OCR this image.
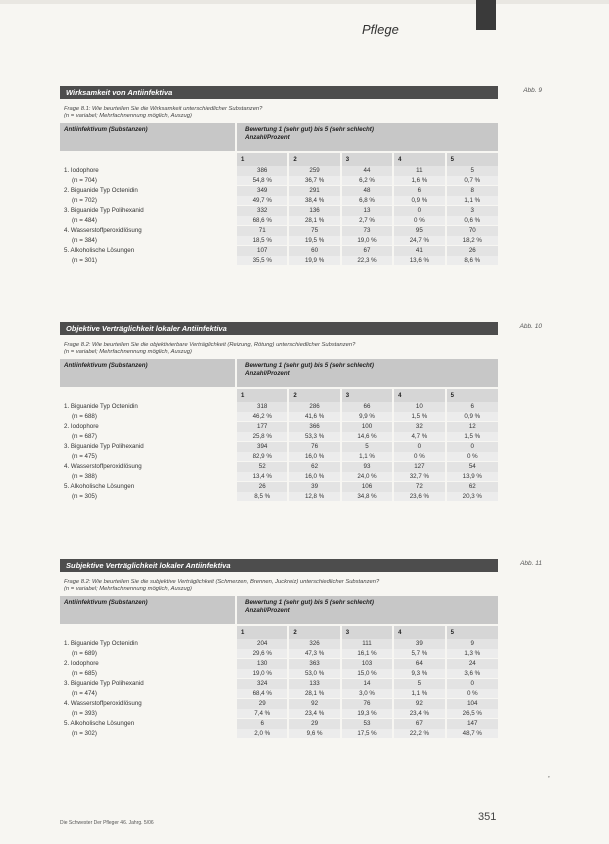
Pflege
Wirksamkeit von Antiinfektiva	Abb. 9
Frage 8.1: Wie beurteilen Sie die Wirksamkeit unterschiedlicher Substanzen?
(n = variabel; Mehrfachnennung möglich, Auszug)
Antiinfektivum (Substanzen)	Bewertung 1 (sehr gut) bis 5 (sehr schlecht)
Anzahl/Prozent				

	1	2	3	4	5
1. Iodophore	386	259	44	11	5
(n = 704)	54,8 %	36,7 %	6,2 %	1,6 %	0,7 %
2. Biguanide Typ Octenidin	349	291	48	6	8
(n = 702)	49,7 %	38,4 %	6,8 %	0,9 %	1,1 %
3. Biguanide Typ Polihexanid	332	136	13	0	3
(n = 484)	68,6 %	28,1 %	2,7 %	0 %	0,6 %
4. Wasserstoffperoxidlösung	71	75	73	95	70
(n = 384)	18,5 %	19,5 %	19,0 %	24,7 %	18,2 %
5. Alkoholische Lösungen	107	60	67	41	26
(n = 301)	35,5 %	19,9 %	22,3 %	13,6 %	8,6 %
Objektive Verträglichkeit lokaler Antiinfektiva	Abb. 10
Frage 8.2: Wie beurteilen Sie die objektivierbare Verträglichkeit (Reizung, Rötung) unterschiedlicher Substanzen?
(n = variabel; Mehrfachnennung möglich, Auszug)
Antiinfektivum (Substanzen)	Bewertung 1 (sehr gut) bis 5 (sehr schlecht)
Anzahl/Prozent				

	1	2	3	4	5
1. Biguanide Typ Octenidin	318	286	66	10	6
(n = 688)	46,2 %	41,6 %	9,9 %	1,5 %	0,9 %
2. Iodophore	177	366	100	32	12
(n = 687)	25,8 %	53,3 %	14,6 %	4,7 %	1,5 %
3. Biguanide Typ Polihexanid	394	76	5	0	0
(n = 475)	82,9 %	16,0 %	1,1 %	0 %	0 %
4. Wasserstoffperoxidlösung	52	62	93	127	54
(n = 388)	13,4 %	16,0 %	24,0 %	32,7 %	13,9 %
5. Alkoholische Lösungen	26	39	106	72	62
(n = 305)	8,5 %	12,8 %	34,8 %	23,6 %	20,3 %
Subjektive Verträglichkeit lokaler Antiinfektiva	Abb. 11
Frage 8.2: Wie beurteilen Sie die subjektive Verträglichkeit (Schmerzen, Brennen, Juckreiz) unterschiedlicher Substanzen?
(n = variabel; Mehrfachnennung möglich, Auszug)
Antiinfektivum (Substanzen)	Bewertung 1 (sehr gut) bis 5 (sehr schlecht)
Anzahl/Prozent				

	1	2	3	4	5
1. Biguanide Typ Octenidin	204	326	111	39	9
(n = 689)	29,6 %	47,3 %	16,1 %	5,7 %	1,3 %
2. Iodophore	130	363	103	64	24
(n = 685)	19,0 %	53,0 %	15,0 %	9,3 %	3,6 %
3. Biguanide Typ Polihexanid	324	133	14	5	0
(n = 474)	68,4 %	28,1 %	3,0 %	1,1 %	0 %
4. Wasserstoffperoxidlösung	29	92	76	92	104
(n = 393)	7,4 %	23,4 %	19,3 %	23,4 %	26,5 %
5. Alkoholische Lösungen	6	29	53	67	147
(n = 302)	2,0 %	9,6 %	17,5 %	22,2 %	48,7 %
’
Die Schwester Der Pfleger 46. Jahrg. 5/06	351
